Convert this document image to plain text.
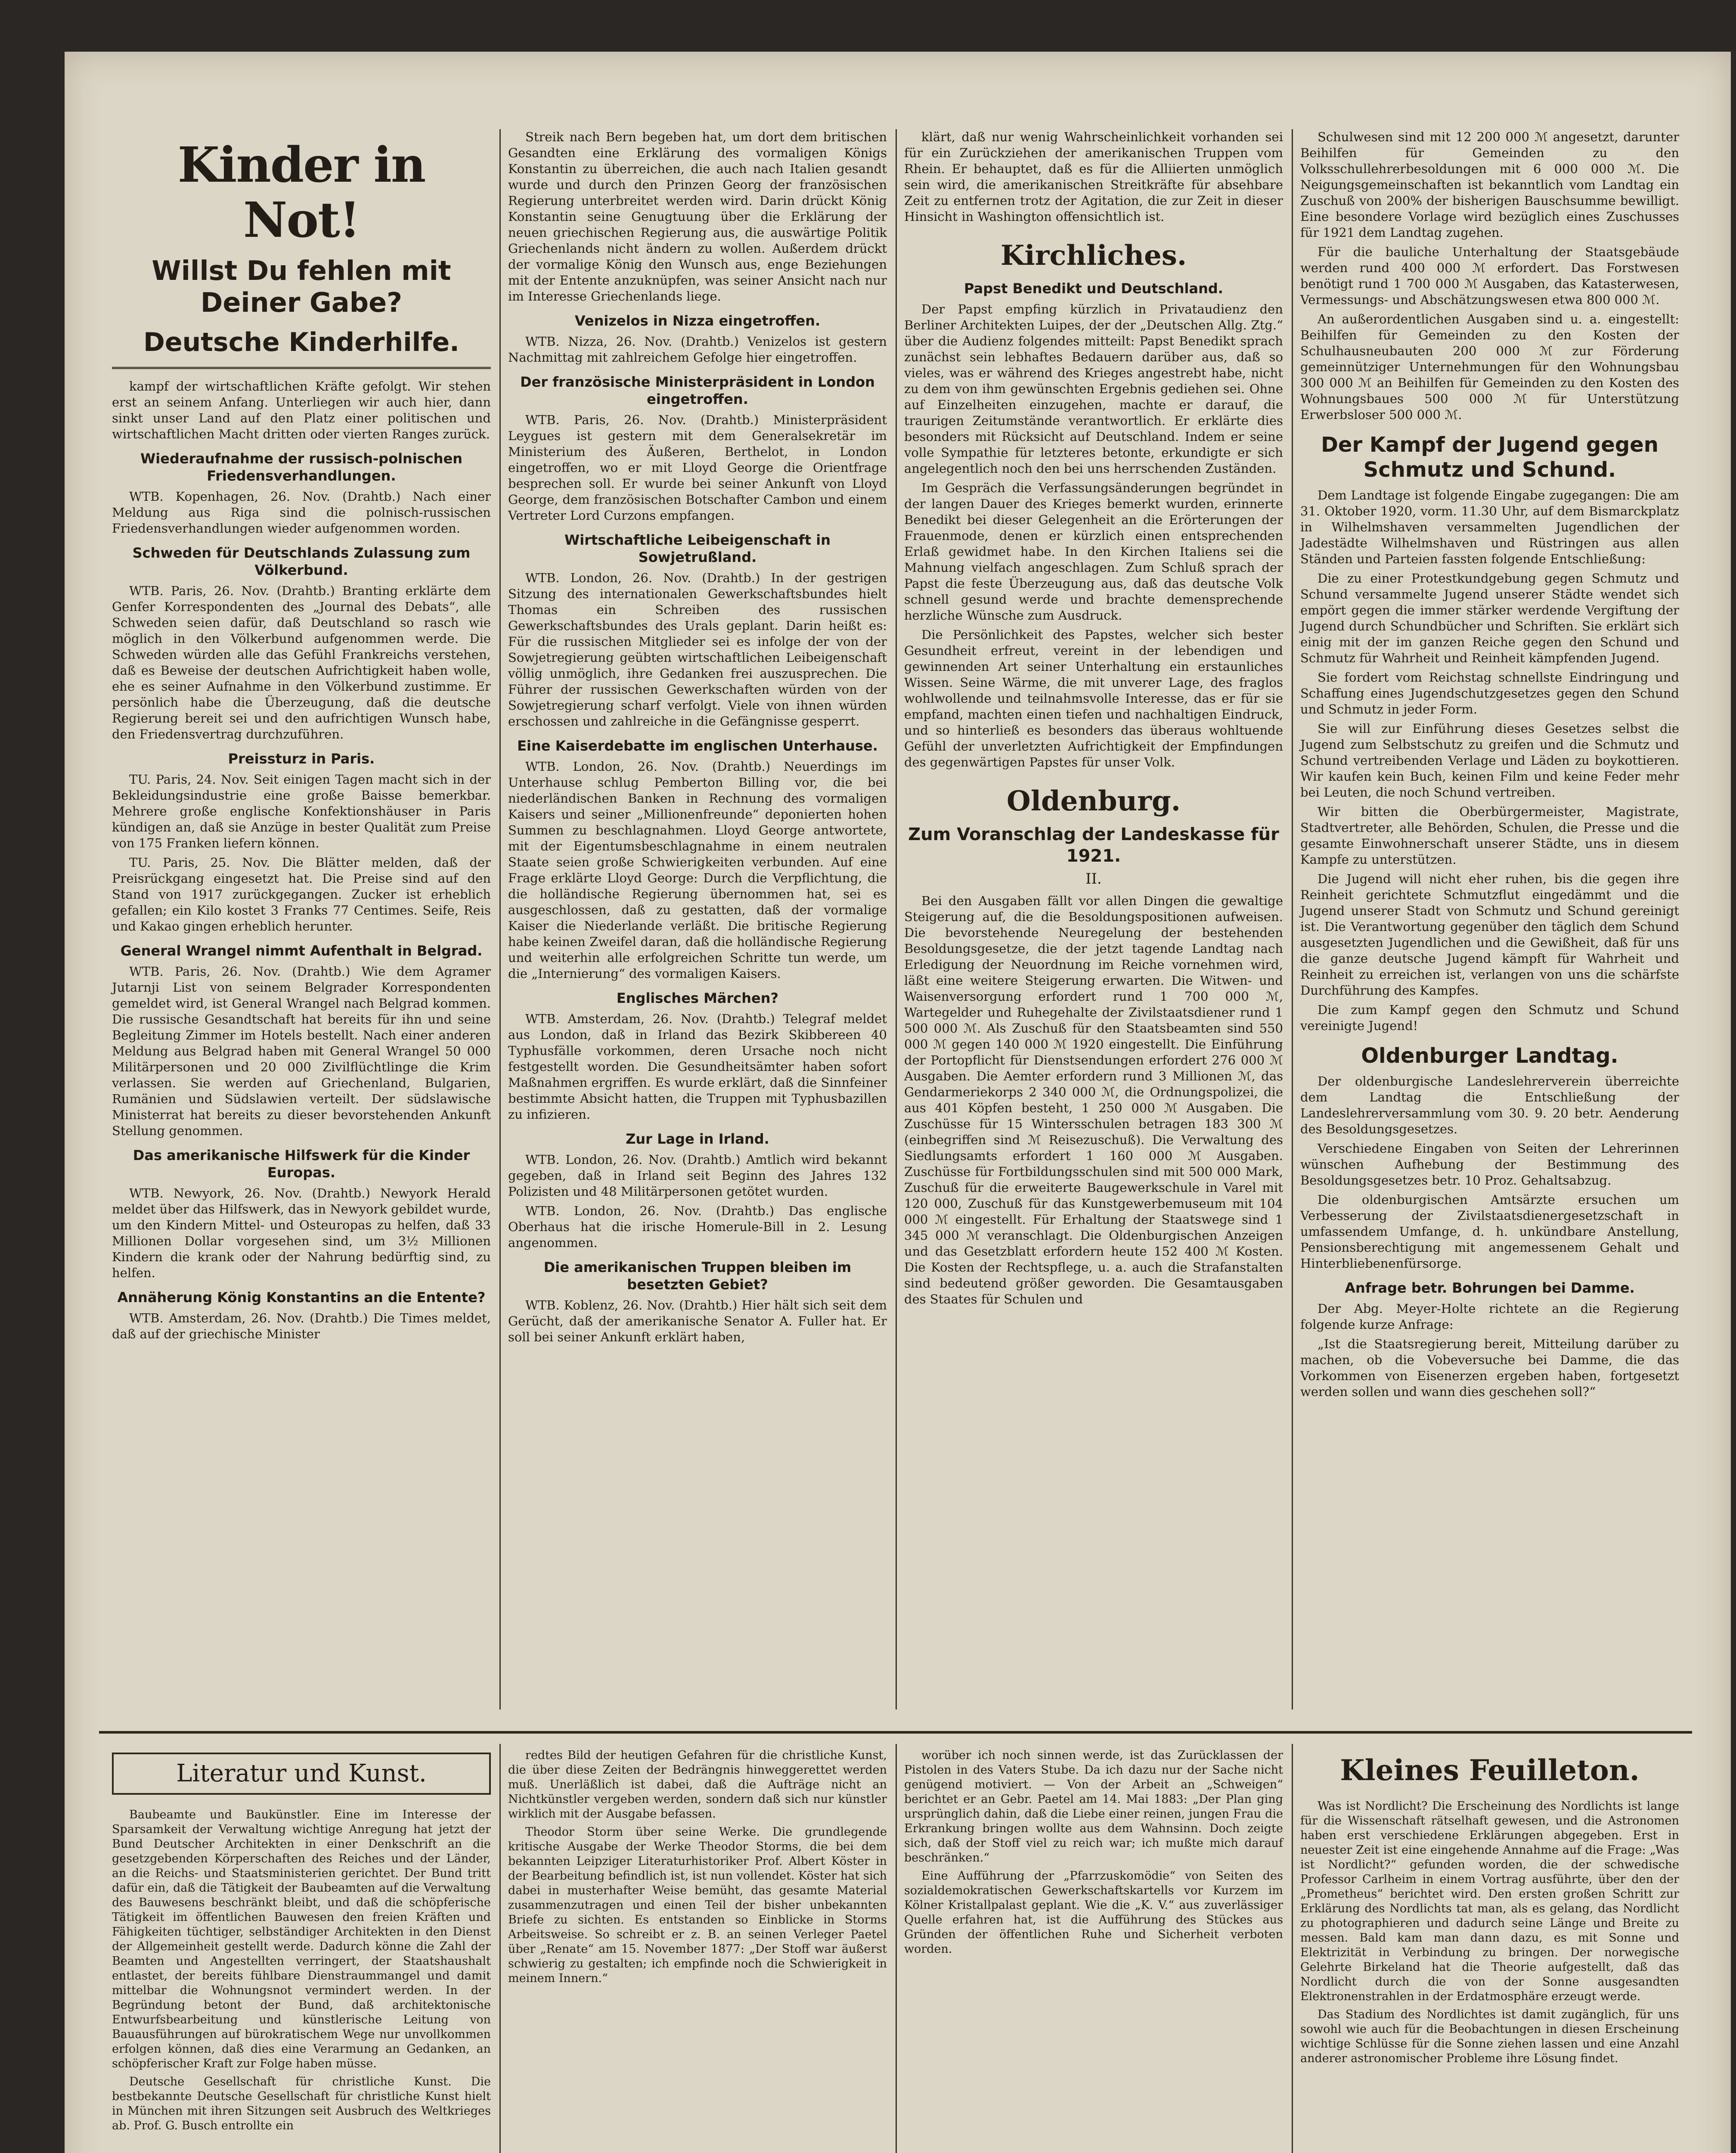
Kinder in Not!
Willst Du fehlen mit
Deiner Gabe?
Deutsche Kinderhilfe.

kampf der wirtschaftlichen Kräfte gefolgt. Wir stehen erst an seinem Anfang. Unterliegen wir auch hier, dann sinkt unser Land auf den Platz einer politischen und wirtschaftlichen Macht dritten oder vierten Ranges zurück.

Wiederaufnahme der russisch-polnischen Friedensverhandlungen.

WTB. Kopenhagen, 26. Nov. (Drahtb.) Nach einer Meldung aus Riga sind die polnisch-russischen Friedensverhandlungen wieder aufgenommen worden.

Schweden für Deutschlands Zulassung zum Völkerbund.

WTB. Paris, 26. Nov. (Drahtb.) Branting erklärte dem Genfer Korrespondenten des „Journal des Debats“, alle Schweden seien dafür, daß Deutschland so rasch wie möglich in den Völkerbund aufgenommen werde. Die Schweden würden alle das Gefühl Frankreichs verstehen, daß es Beweise der deutschen Aufrichtigkeit haben wolle, ehe es seiner Aufnahme in den Völkerbund zustimme. Er persönlich habe die Überzeugung, daß die deutsche Regierung bereit sei und den aufrichtigen Wunsch habe, den Friedensvertrag durchzuführen.

Preissturz in Paris.

TU. Paris, 24. Nov. Seit einigen Tagen macht sich in der Bekleidungsindustrie eine große Baisse bemerkbar. Mehrere große englische Konfektionshäuser in Paris kündigen an, daß sie Anzüge in bester Qualität zum Preise von 175 Franken liefern können.

TU. Paris, 25. Nov. Die Blätter melden, daß der Preisrückgang eingesetzt hat. Die Preise sind auf den Stand von 1917 zurückgegangen. Zucker ist erheblich gefallen; ein Kilo kostet 3 Franks 77 Centimes. Seife, Reis und Kakao gingen erheblich herunter.

General Wrangel nimmt Aufenthalt in Belgrad.

WTB. Paris, 26. Nov. (Drahtb.) Wie dem Agramer Jutarnji List von seinem Belgrader Korrespondenten gemeldet wird, ist General Wrangel nach Belgrad kommen. Die russische Gesandtschaft hat bereits für ihn und seine Begleitung Zimmer im Hotels bestellt. Nach einer anderen Meldung aus Belgrad haben mit General Wrangel 50 000 Militärpersonen und 20 000 Zivilflüchtlinge die Krim verlassen. Sie werden auf Griechenland, Bulgarien, Rumänien und Südslawien verteilt. Der südslawische Ministerrat hat bereits zu dieser bevorstehenden Ankunft Stellung genommen.

Das amerikanische Hilfswerk für die Kinder Europas.

WTB. Newyork, 26. Nov. (Drahtb.) Newyork Herald meldet über das Hilfswerk, das in Newyork gebildet wurde, um den Kindern Mittel- und Osteuropas zu helfen, daß 33 Millionen Dollar vorgesehen sind, um 3½ Millionen Kindern die krank oder der Nahrung bedürftig sind, zu helfen.

Annäherung König Konstantins an die Entente?

WTB. Amsterdam, 26. Nov. (Drahtb.) Die Times meldet, daß auf der griechische Minister

Streik nach Bern begeben hat, um dort dem britischen Gesandten eine Erklärung des vormaligen Königs Konstantin zu überreichen, die auch nach Italien gesandt wurde und durch den Prinzen Georg der französischen Regierung unterbreitet werden wird. Darin drückt König Konstantin seine Genugtuung über die Erklärung der neuen griechischen Regierung aus, die auswärtige Politik Griechenlands nicht ändern zu wollen. Außerdem drückt der vormalige König den Wunsch aus, enge Beziehungen mit der Entente anzuknüpfen, was seiner Ansicht nach nur im Interesse Griechenlands liege.

Venizelos in Nizza eingetroffen.

WTB. Nizza, 26. Nov. (Drahtb.) Venizelos ist gestern Nachmittag mit zahlreichem Gefolge hier eingetroffen.

Der französische Ministerpräsident in London eingetroffen.

WTB. Paris, 26. Nov. (Drahtb.) Ministerpräsident Leygues ist gestern mit dem Generalsekretär im Ministerium des Äußeren, Berthelot, in London eingetroffen, wo er mit Lloyd George die Orientfrage besprechen soll. Er wurde bei seiner Ankunft von Lloyd George, dem französischen Botschafter Cambon und einem Vertreter Lord Curzons empfangen.

Wirtschaftliche Leibeigenschaft in Sowjetrußland.

WTB. London, 26. Nov. (Drahtb.) In der gestrigen Sitzung des internationalen Gewerkschaftsbundes hielt Thomas ein Schreiben des russischen Gewerkschaftsbundes des Urals geplant. Darin heißt es: Für die russischen Mitglieder sei es infolge der von der Sowjetregierung geübten wirtschaftlichen Leibeigenschaft völlig unmöglich, ihre Gedanken frei auszusprechen. Die Führer der russischen Gewerkschaften würden von der Sowjetregierung scharf verfolgt. Viele von ihnen würden erschossen und zahlreiche in die Gefängnisse gesperrt.

Eine Kaiserdebatte im englischen Unterhause.

WTB. London, 26. Nov. (Drahtb.) Neuerdings im Unterhause schlug Pemberton Billing vor, die bei niederländischen Banken in Rechnung des vormaligen Kaisers und seiner „Millionenfreunde“ deponierten hohen Summen zu beschlagnahmen. Lloyd George antwortete, mit der Eigentumsbeschlagnahme in einem neutralen Staate seien große Schwierigkeiten verbunden. Auf eine Frage erklärte Lloyd George: Durch die Verpflichtung, die die holländische Regierung übernommen hat, sei es ausgeschlossen, daß zu gestatten, daß der vormalige Kaiser die Niederlande verläßt. Die britische Regierung habe keinen Zweifel daran, daß die holländische Regierung und weiterhin alle erfolgreichen Schritte tun werde, um die „Internierung“ des vormaligen Kaisers.

Englisches Märchen?

WTB. Amsterdam, 26. Nov. (Drahtb.) Telegraf meldet aus London, daß in Irland das Bezirk Skibbereen 40 Typhusfälle vorkommen, deren Ursache noch nicht festgestellt worden. Die Gesundheitsämter haben sofort Maßnahmen ergriffen. Es wurde erklärt, daß die Sinnfeiner bestimmte Absicht hatten, die Truppen mit Typhusbazillen zu infizieren.

Zur Lage in Irland.

WTB. London, 26. Nov. (Drahtb.) Amtlich wird bekannt gegeben, daß in Irland seit Beginn des Jahres 132 Polizisten und 48 Militärpersonen getötet wurden.

WTB. London, 26. Nov. (Drahtb.) Das englische Oberhaus hat die irische Homerule-Bill in 2. Lesung angenommen.

Die amerikanischen Truppen bleiben im besetzten Gebiet?

WTB. Koblenz, 26. Nov. (Drahtb.) Hier hält sich seit dem Gerücht, daß der amerikanische Senator A. Fuller hat. Er soll bei seiner Ankunft erklärt haben,

klärt, daß nur wenig Wahrscheinlichkeit vorhanden sei für ein Zurückziehen der amerikanischen Truppen vom Rhein. Er behauptet, daß es für die Alliierten unmöglich sein wird, die amerikanischen Streitkräfte für absehbare Zeit zu entfernen trotz der Agitation, die zur Zeit in dieser Hinsicht in Washington offensichtlich ist.

Kirchliches.
Papst Benedikt und Deutschland.

Der Papst empfing kürzlich in Privataudienz den Berliner Architekten Luipes, der der „Deutschen Allg. Ztg.“ über die Audienz folgendes mitteilt: Papst Benedikt sprach zunächst sein lebhaftes Bedauern darüber aus, daß so vieles, was er während des Krieges angestrebt habe, nicht zu dem von ihm gewünschten Ergebnis gediehen sei. Ohne auf Einzelheiten einzugehen, machte er darauf, die traurigen Zeitumstände verantwortlich. Er erklärte dies besonders mit Rücksicht auf Deutschland. Indem er seine volle Sympathie für letzteres betonte, erkundigte er sich angelegentlich noch den bei uns herrschenden Zuständen.

Im Gespräch die Verfassungsänderungen begründet in der langen Dauer des Krieges bemerkt wurden, erinnerte Benedikt bei dieser Gelegenheit an die Erörterungen der Frauenmode, denen er kürzlich einen entsprechenden Erlaß gewidmet habe. In den Kirchen Italiens sei die Mahnung vielfach angeschlagen. Zum Schluß sprach der Papst die feste Überzeugung aus, daß das deutsche Volk schnell gesund werde und brachte demensprechende herzliche Wünsche zum Ausdruck.

Die Persönlichkeit des Papstes, welcher sich bester Gesundheit erfreut, vereint in der lebendigen und gewinnenden Art seiner Unterhaltung ein erstaunliches Wissen. Seine Wärme, die mit unverer Lage, des fraglos wohlwollende und teilnahmsvolle Interesse, das er für sie empfand, machten einen tiefen und nachhaltigen Eindruck, und so hinterließ es besonders das überaus wohltuende Gefühl der unverletzten Aufrichtigkeit der Empfindungen des gegenwärtigen Papstes für unser Volk.

Oldenburg.
Zum Voranschlag der Landeskasse für 1921.
II.

Bei den Ausgaben fällt vor allen Dingen die gewaltige Steigerung auf, die die Besoldungspositionen aufweisen. Die bevorstehende Neuregelung der bestehenden Besoldungsgesetze, die der jetzt tagende Landtag nach Erledigung der Neuordnung im Reiche vornehmen wird, läßt eine weitere Steigerung erwarten. Die Witwen- und Waisenversorgung erfordert rund 1 700 000 ℳ, Wartegelder und Ruhegehalte der Zivilstaatsdiener rund 1 500 000 ℳ. Als Zuschuß für den Staatsbeamten sind 550 000 ℳ gegen 140 000 ℳ 1920 eingestellt. Die Einführung der Portopflicht für Dienstsendungen erfordert 276 000 ℳ Ausgaben. Die Aemter erfordern rund 3 Millionen ℳ, das Gendarmeriekorps 2 340 000 ℳ, die Ordnungspolizei, die aus 401 Köpfen besteht, 1 250 000 ℳ Ausgaben. Die Zuschüsse für 15 Wintersschulen betragen 183 300 ℳ (einbegriffen sind ℳ Reisezuschuß). Die Verwaltung des Siedlungsamts erfordert 1 160 000 ℳ Ausgaben. Zuschüsse für Fortbildungsschulen sind mit 500 000 Mark, Zuschuß für die erweiterte Baugewerkschule in Varel mit 120 000, Zuschuß für das Kunstgewerbemuseum mit 104 000 ℳ eingestellt. Für Erhaltung der Staatswege sind 1 345 000 ℳ veranschlagt. Die Oldenburgischen Anzeigen und das Gesetzblatt erfordern heute 152 400 ℳ Kosten. Die Kosten der Rechtspflege, u. a. auch die Strafanstalten sind bedeutend größer geworden. Die Gesamtausgaben des Staates für Schulen und

Schulwesen sind mit 12 200 000 ℳ angesetzt, darunter Beihilfen für Gemeinden zu den Volksschullehrerbesoldungen mit 6 000 000 ℳ. Die Neigungsgemeinschaften ist bekanntlich vom Landtag ein Zuschuß von 200% der bisherigen Bauschsumme bewilligt. Eine besondere Vorlage wird bezüglich eines Zuschusses für 1921 dem Landtag zugehen.

Für die bauliche Unterhaltung der Staatsgebäude werden rund 400 000 ℳ erfordert. Das Forstwesen benötigt rund 1 700 000 ℳ Ausgaben, das Katasterwesen, Vermessungs- und Abschätzungswesen etwa 800 000 ℳ.

An außerordentlichen Ausgaben sind u. a. eingestellt: Beihilfen für Gemeinden zu den Kosten der Schulhausneubauten 200 000 ℳ zur Förderung gemeinnütziger Unternehmungen für den Wohnungsbau 300 000 ℳ an Beihilfen für Gemeinden zu den Kosten des Wohnungsbaues 500 000 ℳ für Unterstützung Erwerbsloser 500 000 ℳ.

Der Kampf der Jugend gegen Schmutz und Schund.

Dem Landtage ist folgende Eingabe zugegangen: Die am 31. Oktober 1920, vorm. 11.30 Uhr, auf dem Bismarckplatz in Wilhelmshaven versammelten Jugendlichen der Jadestädte Wilhelmshaven und Rüstringen aus allen Ständen und Parteien fassten folgende Entschließung:

Die zu einer Protestkundgebung gegen Schmutz und Schund versammelte Jugend unserer Städte wendet sich empört gegen die immer stärker werdende Vergiftung der Jugend durch Schundbücher und Schriften. Sie erklärt sich einig mit der im ganzen Reiche gegen den Schund und Schmutz für Wahrheit und Reinheit kämpfenden Jugend.

Sie fordert vom Reichstag schnellste Eindringung und Schaffung eines Jugendschutzgesetzes gegen den Schund und Schmutz in jeder Form.

Sie will zur Einführung dieses Gesetzes selbst die Jugend zum Selbstschutz zu greifen und die Schmutz und Schund vertreibenden Verlage und Läden zu boykottieren. Wir kaufen kein Buch, keinen Film und keine Feder mehr bei Leuten, die noch Schund vertreiben.

Wir bitten die Oberbürgermeister, Magistrate, Stadtvertreter, alle Behörden, Schulen, die Presse und die gesamte Einwohnerschaft unserer Städte, uns in diesem Kampfe zu unterstützen.

Die Jugend will nicht eher ruhen, bis die gegen ihre Reinheit gerichtete Schmutzflut eingedämmt und die Jugend unserer Stadt von Schmutz und Schund gereinigt ist. Die Verantwortung gegenüber den täglich dem Schund ausgesetzten Jugendlichen und die Gewißheit, daß für uns die ganze deutsche Jugend kämpft für Wahrheit und Reinheit zu erreichen ist, verlangen von uns die schärfste Durchführung des Kampfes.

Die zum Kampf gegen den Schmutz und Schund vereinigte Jugend!

Oldenburger Landtag.

Der oldenburgische Landeslehrerverein überreichte dem Landtag die Entschließung der Landeslehrerversammlung vom 30. 9. 20 betr. Aenderung des Besoldungsgesetzes.

Verschiedene Eingaben von Seiten der Lehrerinnen wünschen Aufhebung der Bestimmung des Besoldungsgesetzes betr. 10 Proz. Gehaltsabzug.

Die oldenburgischen Amtsärzte ersuchen um Verbesserung der Zivilstaatsdienergesetzschaft in umfassendem Umfange, d. h. unkündbare Anstellung, Pensionsberechtigung mit angemessenem Gehalt und Hinterbliebenenfürsorge.

Anfrage betr. Bohrungen bei Damme.

Der Abg. Meyer-Holte richtete an die Regierung folgende kurze Anfrage:

„Ist die Staatsregierung bereit, Mitteilung darüber zu machen, ob die Vobeversuche bei Damme, die das Vorkommen von Eisenerzen ergeben haben, fortgesetzt werden sollen und wann dies geschehen soll?“

Literatur und Kunst.

Baubeamte und Baukünstler. Eine im Interesse der Sparsamkeit der Verwaltung wichtige Anregung hat jetzt der Bund Deutscher Architekten in einer Denkschrift an die gesetzgebenden Körperschaften des Reiches und der Länder, an die Reichs- und Staatsministerien gerichtet. Der Bund tritt dafür ein, daß die Tätigkeit der Baubeamten auf die Verwaltung des Bauwesens beschränkt bleibt, und daß die schöpferische Tätigkeit im öffentlichen Bauwesen den freien Kräften und Fähigkeiten tüchtiger, selbständiger Architekten in den Dienst der Allgemeinheit gestellt werde. Dadurch könne die Zahl der Beamten und Angestellten verringert, der Staatshaushalt entlastet, der bereits fühlbare Dienstraummangel und damit mittelbar die Wohnungsnot vermindert werden. In der Begründung betont der Bund, daß architektonische Entwurfsbearbeitung und künstlerische Leitung von Bauausführungen auf bürokratischem Wege nur unvollkommen erfolgen können, daß dies eine Verarmung an Gedanken, an schöpferischer Kraft zur Folge haben müsse.

Deutsche Gesellschaft für christliche Kunst. Die bestbekannte Deutsche Gesellschaft für christliche Kunst hielt in München mit ihren Sitzungen seit Ausbruch des Weltkrieges ab. Prof. G. Busch entrollte ein

redtes Bild der heutigen Gefahren für die christliche Kunst, die über diese Zeiten der Bedrängnis hinweggerettet werden muß. Unerläßlich ist dabei, daß die Aufträge nicht an Nichtkünstler vergeben werden, sondern daß sich nur künstler wirklich mit der Ausgabe befassen.

Theodor Storm über seine Werke. Die grundlegende kritische Ausgabe der Werke Theodor Storms, die bei dem bekannten Leipziger Literaturhistoriker Prof. Albert Köster in der Bearbeitung befindlich ist, ist nun vollendet. Köster hat sich dabei in musterhafter Weise bemüht, das gesamte Material zusammenzutragen und einen Teil der bisher unbekannten Briefe zu sichten. Es entstanden so Einblicke in Storms Arbeitsweise. So schreibt er z. B. an seinen Verleger Paetel über „Renate“ am 15. November 1877: „Der Stoff war äußerst schwierig zu gestalten; ich empfinde noch die Schwierigkeit in meinem Innern.“

worüber ich noch sinnen werde, ist das Zurücklassen der Pistolen in des Vaters Stube. Da ich dazu nur der Sache nicht genügend motiviert. — Von der Arbeit an „Schweigen“ berichtet er an Gebr. Paetel am 14. Mai 1883: „Der Plan ging ursprünglich dahin, daß die Liebe einer reinen, jungen Frau die Erkrankung bringen wollte aus dem Wahnsinn. Doch zeigte sich, daß der Stoff viel zu reich war; ich mußte mich darauf beschränken.“

Eine Aufführung der „Pfarrzuskomödie“ von Seiten des sozialdemokratischen Gewerkschaftskartells vor Kurzem im Kölner Kristallpalast geplant. Wie die „K. V.“ aus zuverlässiger Quelle erfahren hat, ist die Aufführung des Stückes aus Gründen der öffentlichen Ruhe und Sicherheit verboten worden.

Kleines Feuilleton.

Was ist Nordlicht? Die Erscheinung des Nordlichts ist lange für die Wissenschaft rätselhaft gewesen, und die Astronomen haben erst verschiedene Erklärungen abgegeben. Erst in neuester Zeit ist eine eingehende Annahme auf die Frage: „Was ist Nordlicht?“ gefunden worden, die der schwedische Professor Carlheim in einem Vortrag ausführte, über den der „Prometheus“ berichtet wird. Den ersten großen Schritt zur Erklärung des Nordlichts tat man, als es gelang, das Nordlicht zu photographieren und dadurch seine Länge und Breite zu messen. Bald kam man dann dazu, es mit Sonne und Elektrizität in Verbindung zu bringen. Der norwegische Gelehrte Birkeland hat die Theorie aufgestellt, daß das Nordlicht durch die von der Sonne ausgesandten Elektronenstrahlen in der Erdatmosphäre erzeugt werde.

Das Stadium des Nordlichtes ist damit zugänglich, für uns sowohl wie auch für die Beobachtungen in diesen Erscheinung wichtige Schlüsse für die Sonne ziehen lassen und eine Anzahl anderer astronomischer Probleme ihre Lösung findet.
